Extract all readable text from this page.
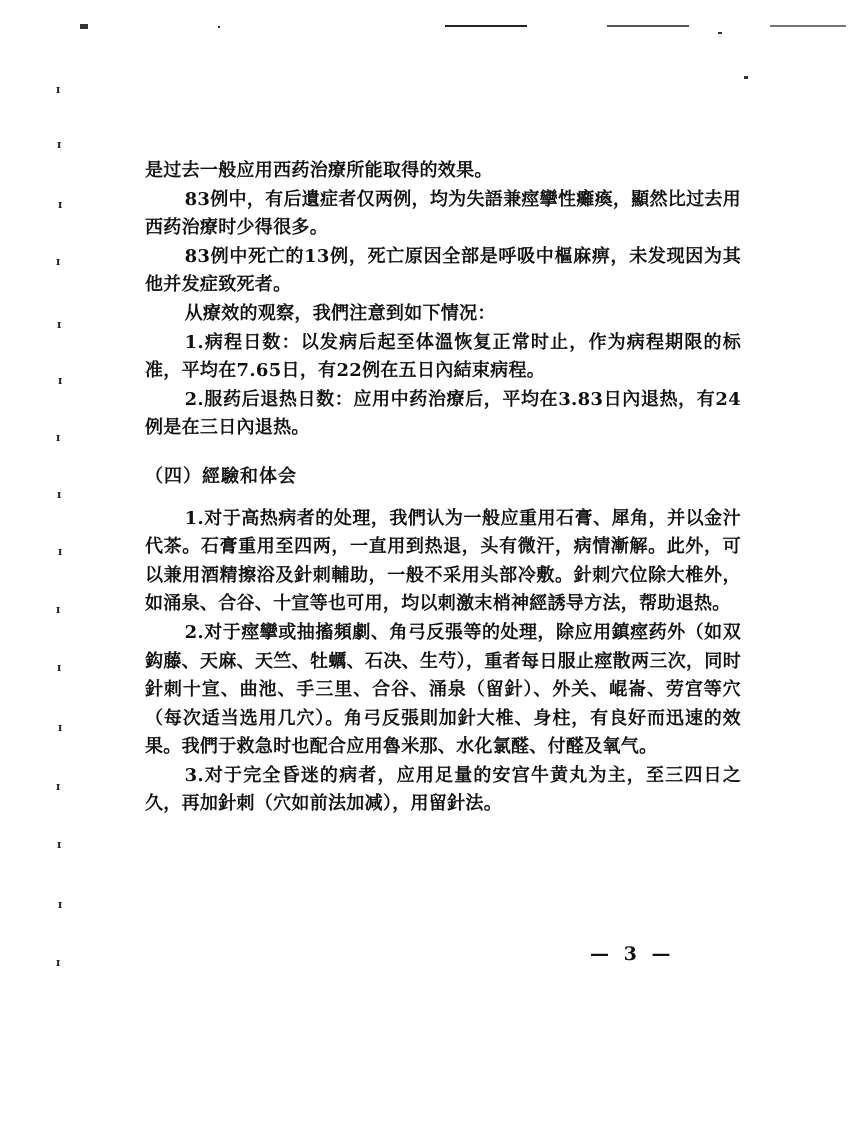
ɪ
ɪ
ɪ
ɪ
ɪ
ɪ
ɪ
ɪ
ɪ
ɪ
ɪ
ɪ
ɪ
ɪ
ɪ
ɪ

是过去一般应用西药治療所能取得的效果。

83例中，有后遺症者仅两例，均为失語兼痙攣性癱瘓，顯然比过去用西药治療时少得很多。

83例中死亡的13例，死亡原因全部是呼吸中樞麻痹，未发现因为其他并发症致死者。

从療效的观察，我們注意到如下情况：

1.病程日数：以发病后起至体溫恢复正常时止，作为病程期限的标准，平均在7.65日，有22例在五日內結束病程。

2.服药后退热日数：应用中药治療后，平均在3.83日內退热，有24例是在三日內退热。

（四）經驗和体会

1.对于高热病者的处理，我們认为一般应重用石膏、犀角，并以金汁代茶。石膏重用至四两，一直用到热退，头有微汗，病情漸解。此外，可以兼用酒精擦浴及針刺輔助，一般不采用头部冷敷。針刺穴位除大椎外，如涌泉、合谷、十宣等也可用，均以刺激末梢神經誘导方法，帮助退热。

2.对于痙攣或抽搐頻劇、角弓反張等的处理，除应用鎮痙药外（如双鈎藤、天麻、天竺、牡蠣、石决、生芍），重者每日服止痙散两三次，同时針刺十宣、曲池、手三里、合谷、涌泉（留針）、外关、崐崙、劳宫等穴（每次适当选用几穴）。角弓反張則加針大椎、身柱，有良好而迅速的效果。我們于救急时也配合应用魯米那、水化氯醛、付醛及氧气。

3.对于完全昏迷的病者，应用足量的安宫牛黄丸为主，至三四日之久，再加針刺（穴如前法加减），用留針法。

— 3 —
